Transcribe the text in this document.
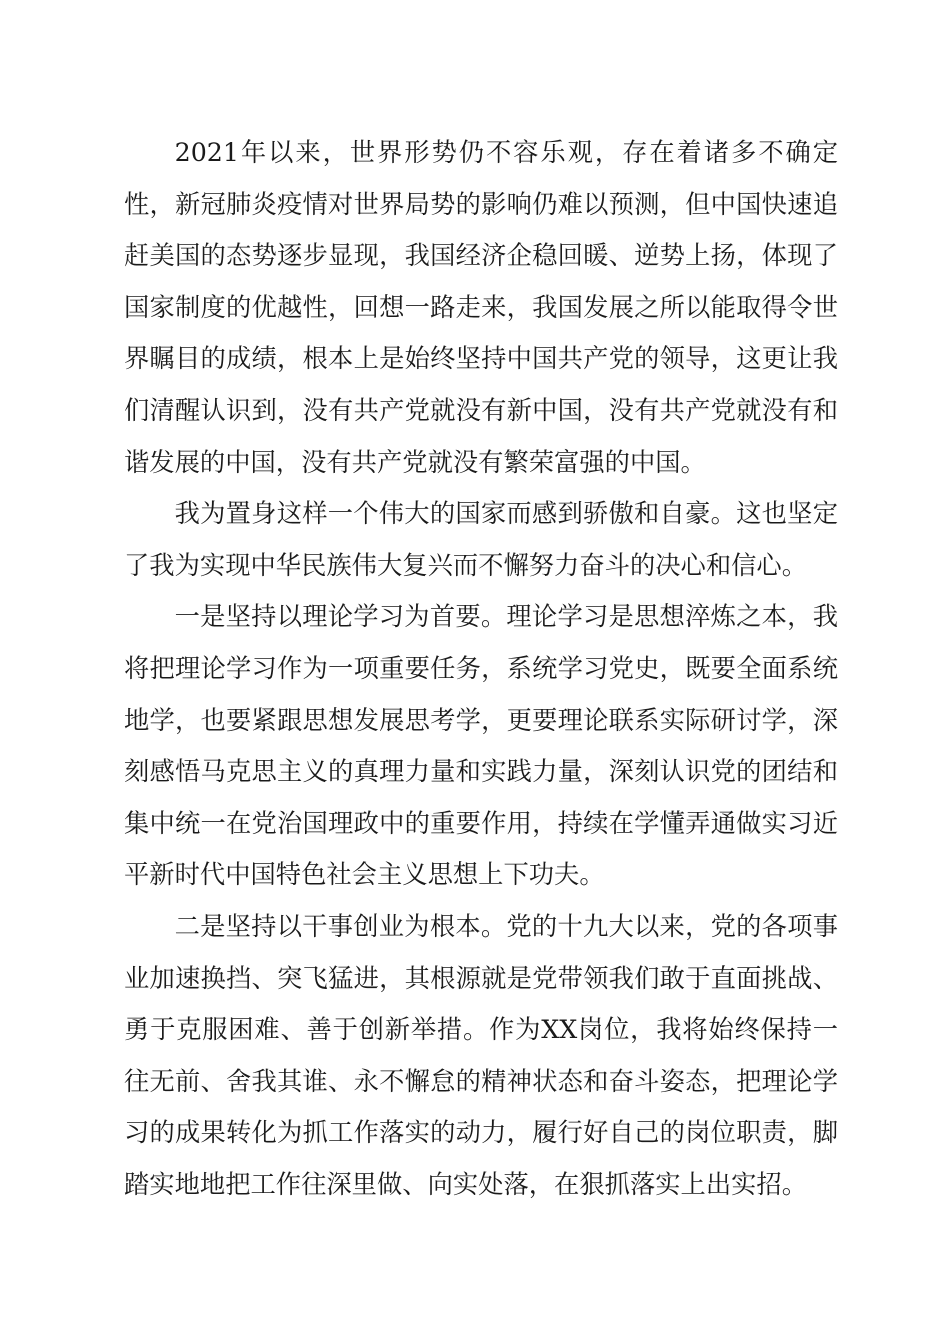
2021年以来，世界形势仍不容乐观，存在着诸多不确定性，新冠肺炎疫情对世界局势的影响仍难以预测，但中国快速追赶美国的态势逐步显现，我国经济企稳回暖、逆势上扬，体现了国家制度的优越性，回想一路走来，我国发展之所以能取得令世界瞩目的成绩，根本上是始终坚持中国共产党的领导，这更让我们清醒认识到，没有共产党就没有新中国，没有共产党就没有和谐发展的中国，没有共产党就没有繁荣富强的中国。

我为置身这样一个伟大的国家而感到骄傲和自豪。这也坚定了我为实现中华民族伟大复兴而不懈努力奋斗的决心和信心。

一是坚持以理论学习为首要。理论学习是思想淬炼之本，我将把理论学习作为一项重要任务，系统学习党史，既要全面系统地学，也要紧跟思想发展思考学，更要理论联系实际研讨学，深刻感悟马克思主义的真理力量和实践力量，深刻认识党的团结和集中统一在党治国理政中的重要作用，持续在学懂弄通做实习近平新时代中国特色社会主义思想上下功夫。

二是坚持以干事创业为根本。党的十九大以来，党的各项事业加速换挡、突飞猛进，其根源就是党带领我们敢于直面挑战、勇于克服困难、善于创新举措。作为XX岗位，我将始终保持一往无前、舍我其谁、永不懈怠的精神状态和奋斗姿态，把理论学习的成果转化为抓工作落实的动力，履行好自己的岗位职责，脚踏实地地把工作往深里做、向实处落，在狠抓落实上出实招。
